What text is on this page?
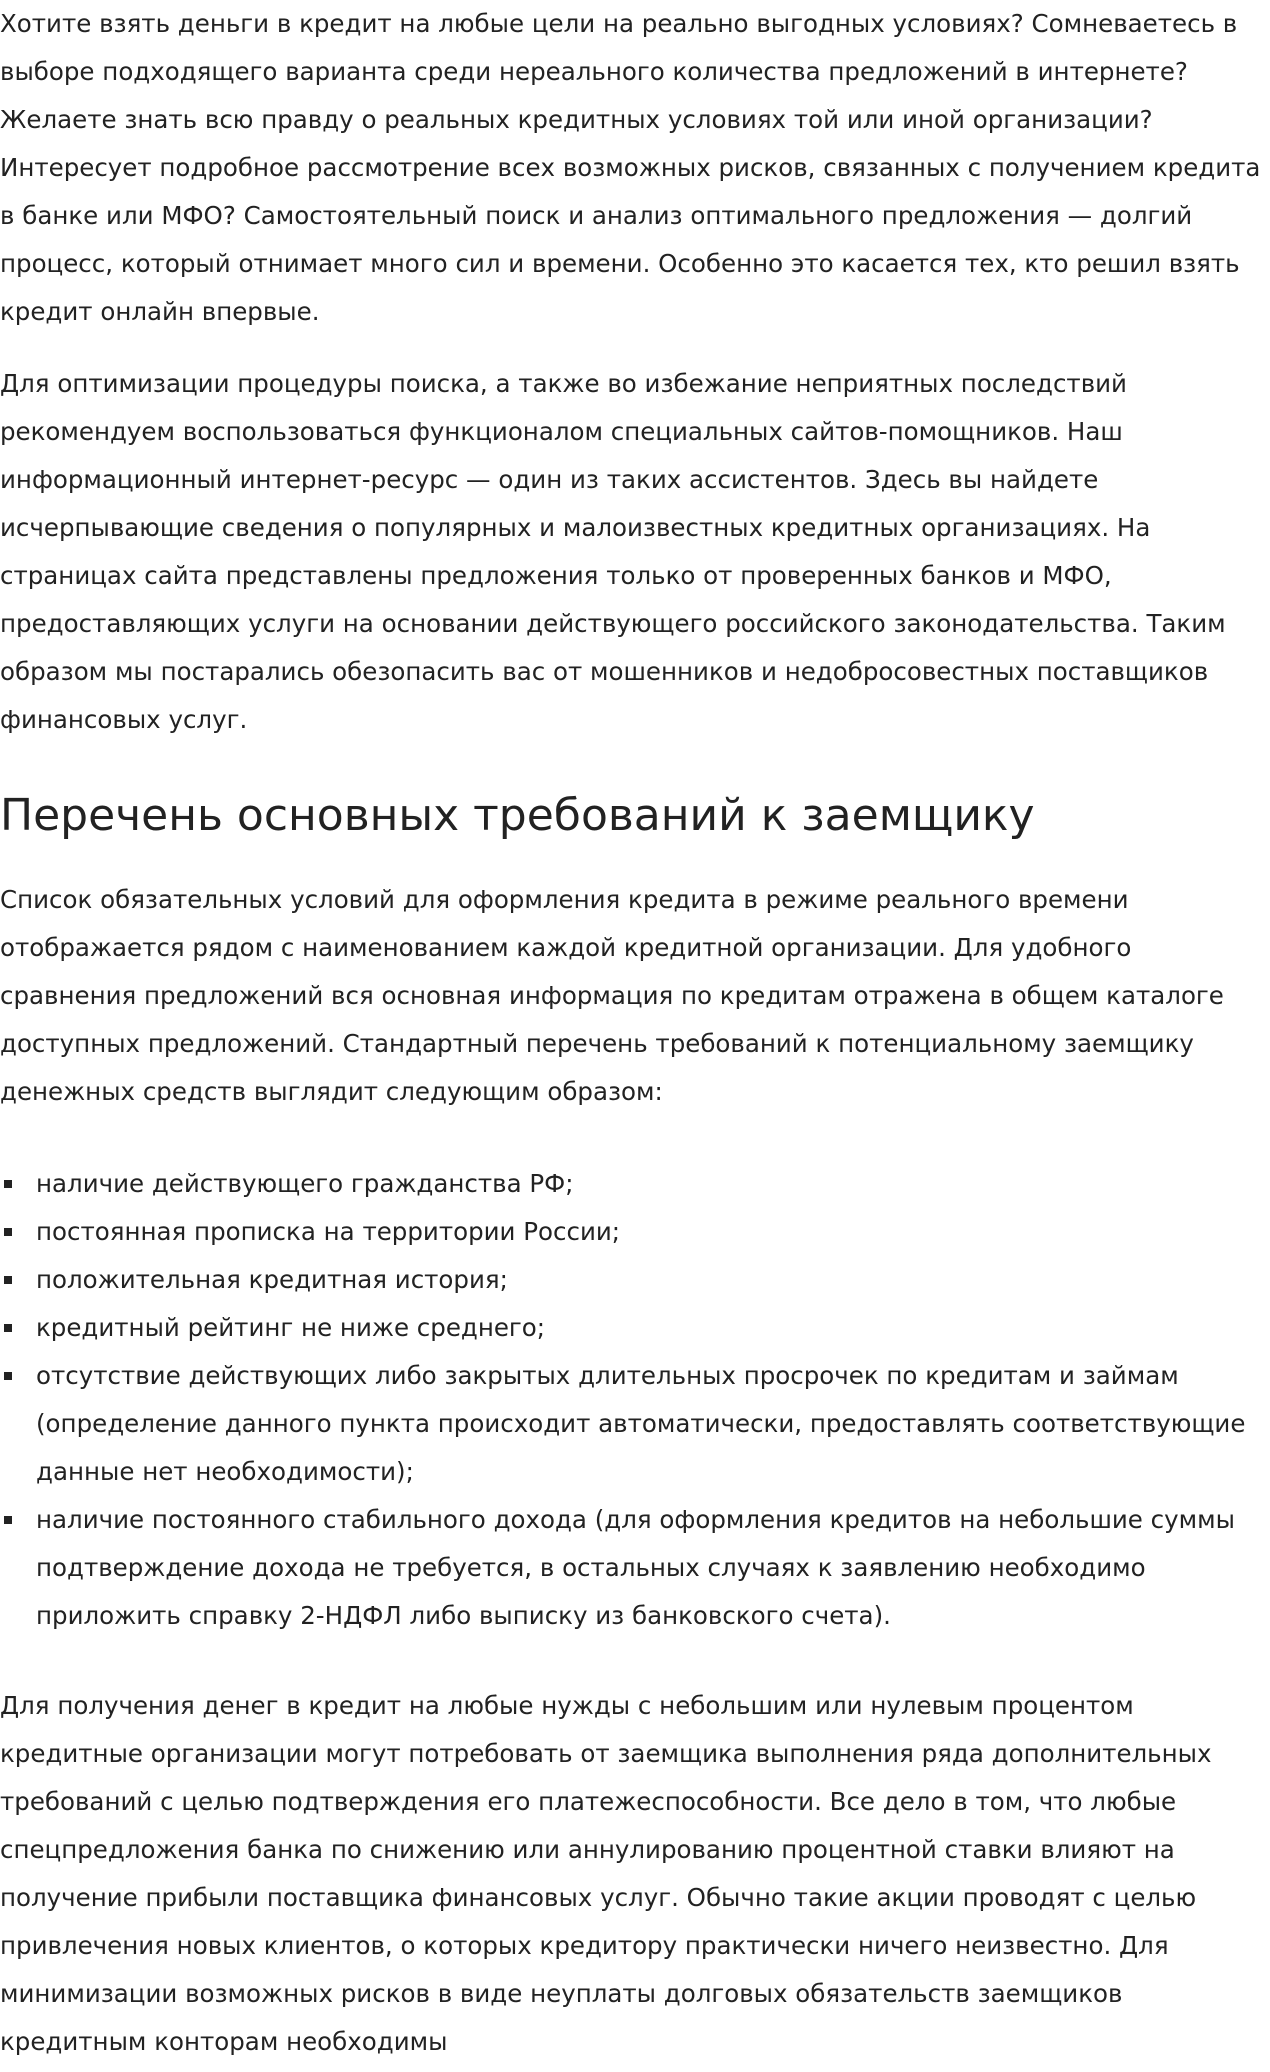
Хотите взять деньги в кредит на любые цели на реально выгодных условиях? Сомневаетесь в выборе подходящего варианта среди нереального количества предложений в интернете? Желаете знать всю правду о реальных кредитных условиях той или иной организации? Интересует подробное рассмотрение всех возможных рисков, связанных с получением кредита в банке или МФО? Самостоятельный поиск и анализ оптимального предложения — долгий процесс, который отнимает много сил и времени. Особенно это касается тех, кто решил взять кредит онлайн впервые.

Для оптимизации процедуры поиска, а также во избежание неприятных последствий рекомендуем воспользоваться функционалом специальных сайтов-помощников. Наш информационный интернет-ресурс — один из таких ассистентов. Здесь вы найдете исчерпывающие сведения о популярных и малоизвестных кредитных организациях. На страницах сайта представлены предложения только от проверенных банков и МФО, предоставляющих услуги на основании действующего российского законодательства. Таким образом мы постарались обезопасить вас от мошенников и недобросовестных поставщиков финансовых услуг.

Перечень основных требований к заемщику

Список обязательных условий для оформления кредита в режиме реального времени отображается рядом с наименованием каждой кредитной организации. Для удобного сравнения предложений вся основная информация по кредитам отражена в общем каталоге доступных предложений. Стандартный перечень требований к потенциальному заемщику денежных средств выглядит следующим образом:

наличие действующего гражданства РФ;
постоянная прописка на территории России;
положительная кредитная история;
кредитный рейтинг не ниже среднего;
отсутствие действующих либо закрытых длительных просрочек по кредитам и займам (определение данного пункта происходит автоматически, предоставлять соответствующие данные нет необходимости);
наличие постоянного стабильного дохода (для оформления кредитов на небольшие суммы подтверждение дохода не требуется, в остальных случаях к заявлению необходимо приложить справку 2-НДФЛ либо выписку из банковского счета).

Для получения денег в кредит на любые нужды с небольшим или нулевым процентом кредитные организации могут потребовать от заемщика выполнения ряда дополнительных требований с целью подтверждения его платежеспособности. Все дело в том, что любые спецпредложения банка по снижению или аннулированию процентной ставки влияют на получение прибыли поставщика финансовых услуг. Обычно такие акции проводят с целью привлечения новых клиентов, о которых кредитору практически ничего неизвестно. Для минимизации возможных рисков в виде неуплаты долговых обязательств заемщиков кредитным конторам необходимы
